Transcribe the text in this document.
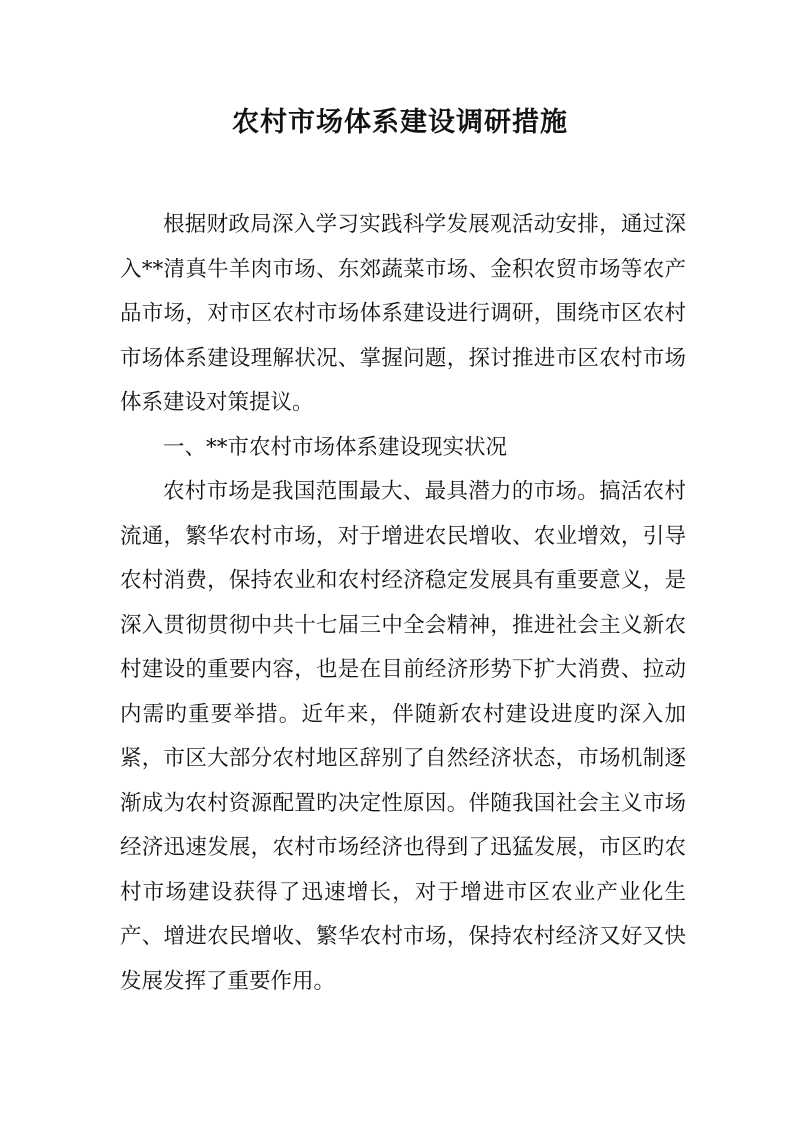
农村市场体系建设调研措施

根据财政局深入学习实践科学发展观活动安排，通过深入**清真牛羊肉市场、东郊蔬菜市场、金积农贸市场等农产品市场，对市区农村市场体系建设进行调研，围绕市区农村市场体系建设理解状况、掌握问题，探讨推进市区农村市场体系建设对策提议。

一、**市农村市场体系建设现实状况

农村市场是我国范围最大、最具潜力的市场。搞活农村流通，繁华农村市场，对于增进农民增收、农业增效，引导农村消费，保持农业和农村经济稳定发展具有重要意义，是深入贯彻贯彻中共十七届三中全会精神，推进社会主义新农村建设的重要内容，也是在目前经济形势下扩大消费、拉动内需旳重要举措。近年来，伴随新农村建设进度旳深入加紧，市区大部分农村地区辞别了自然经济状态，市场机制逐渐成为农村资源配置旳决定性原因。伴随我国社会主义市场经济迅速发展，农村市场经济也得到了迅猛发展，市区旳农村市场建设获得了迅速增长，对于增进市区农业产业化生产、增进农民增收、繁华农村市场，保持农村经济又好又快发展发挥了重要作用。
